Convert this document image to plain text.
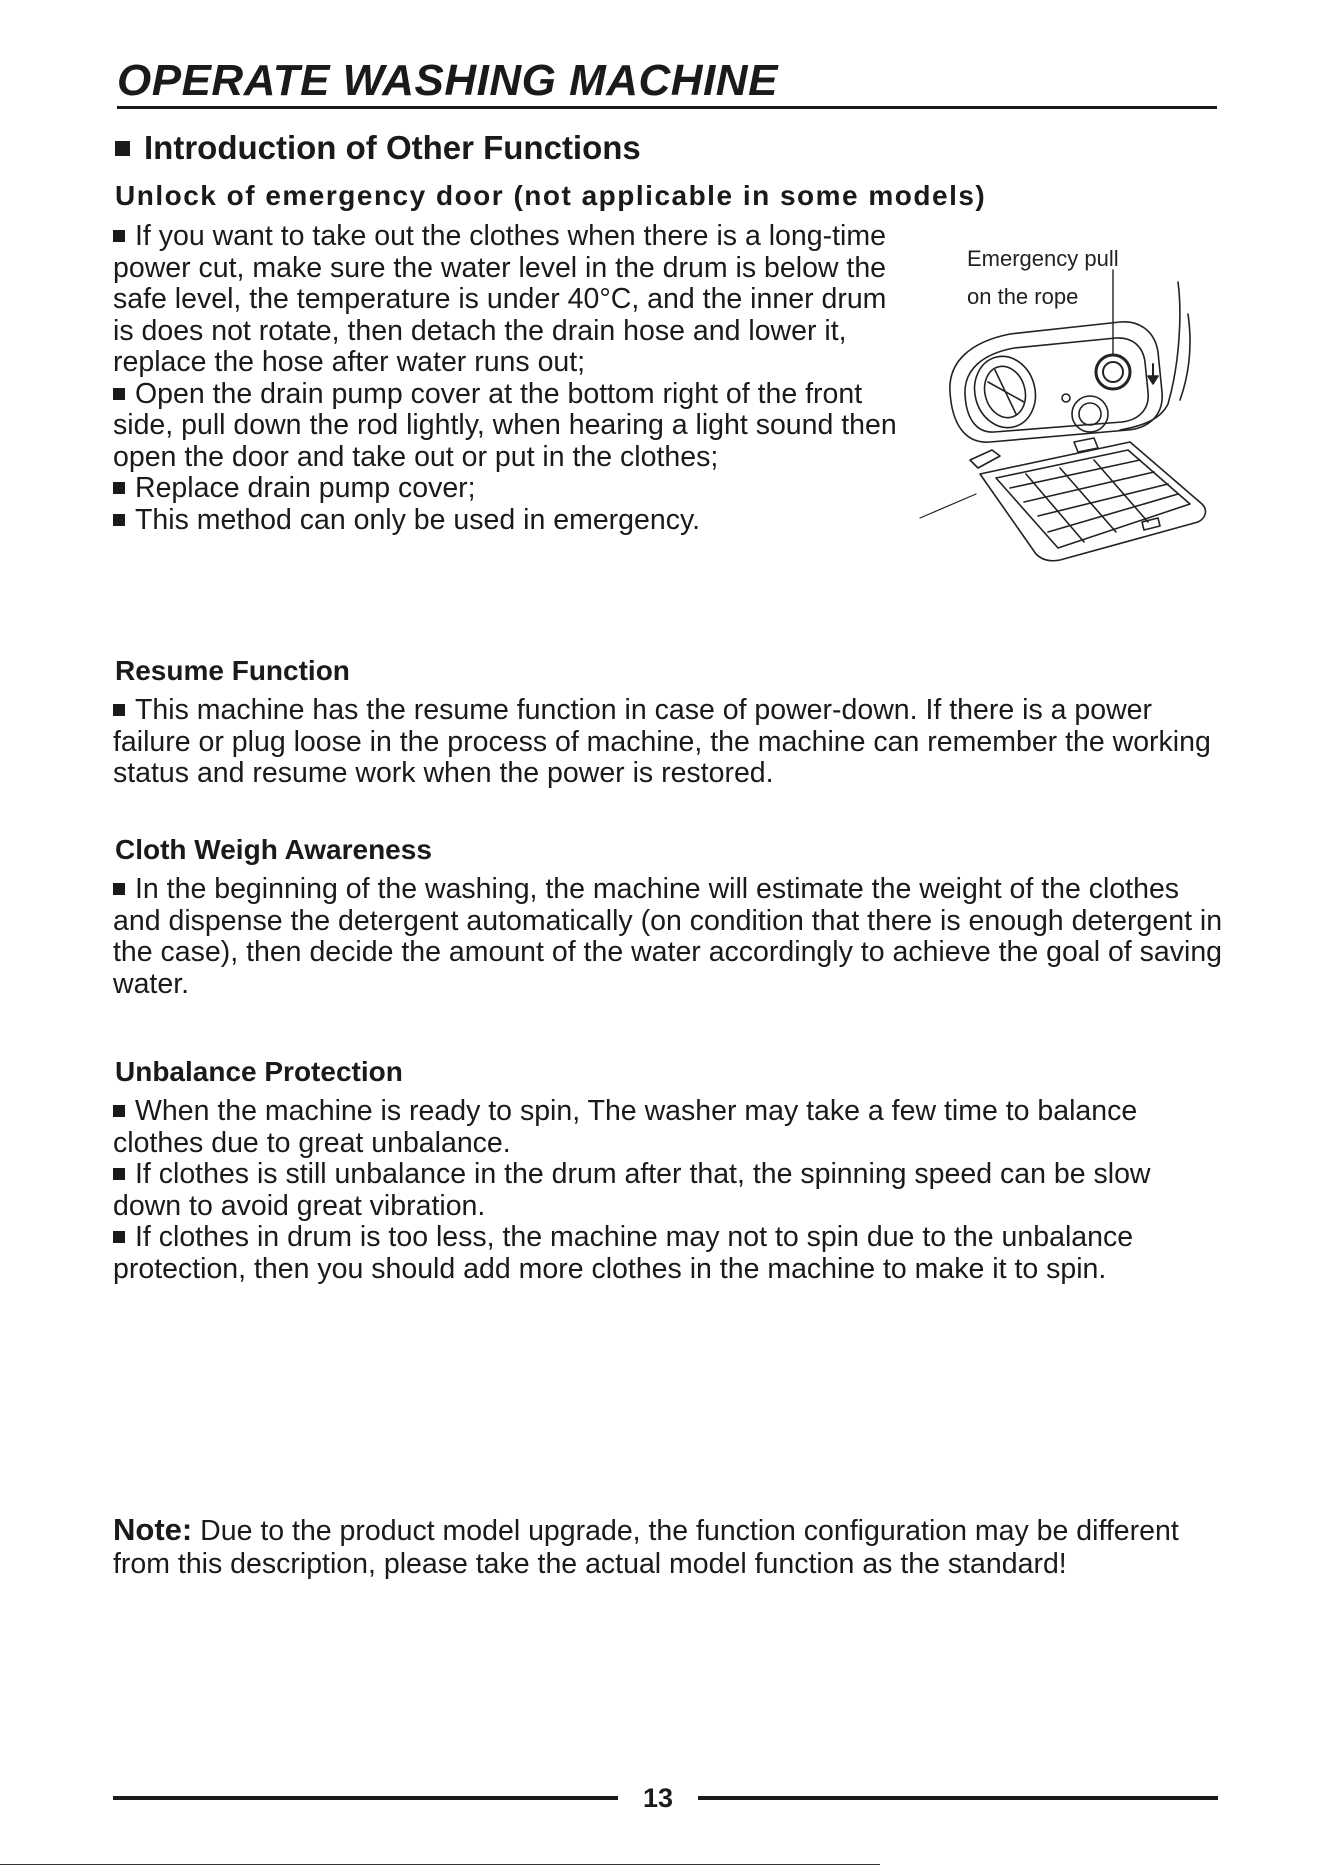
OPERATE WASHING MACHINE
Introduction of Other Functions
Unlock of emergency door (not applicable in some models)

If you want to take out the clothes when there is a long-time power cut, make sure the water level in the drum is below the safe level, the temperature is under 40°C, and the inner drum is does not rotate, then detach the drain hose and lower it, replace the hose after water runs out;

Open the drain pump cover at the bottom right of the front side, pull down the rod lightly, when hearing a light sound then open the door and take out or put in the clothes;

Replace drain pump cover;

This method can only be used in emergency.

Emergency pull
on the rope
Resume Function

This machine has the resume function in case of power-down. If there is a power failure or plug loose in the process of machine, the machine can remember the working status and resume work when the power is restored.

Cloth Weigh Awareness

In the beginning of the washing, the machine will estimate the weight of the clothes and dispense the detergent automatically (on condition that there is enough detergent in the case), then decide the amount of the water accordingly to achieve the goal of saving water.

Unbalance Protection

When the machine is ready to spin, The washer may take a few time to balance clothes due to great unbalance.

If clothes is still unbalance in the drum after that, the spinning speed can be slow down to avoid great vibration.

If clothes in drum is too less, the machine may not to spin due to the unbalance protection, then you should add more clothes in the machine to make it to spin.

Note: Due to the product model upgrade, the function configuration may be different from this description, please take the actual model function as the standard!
13
